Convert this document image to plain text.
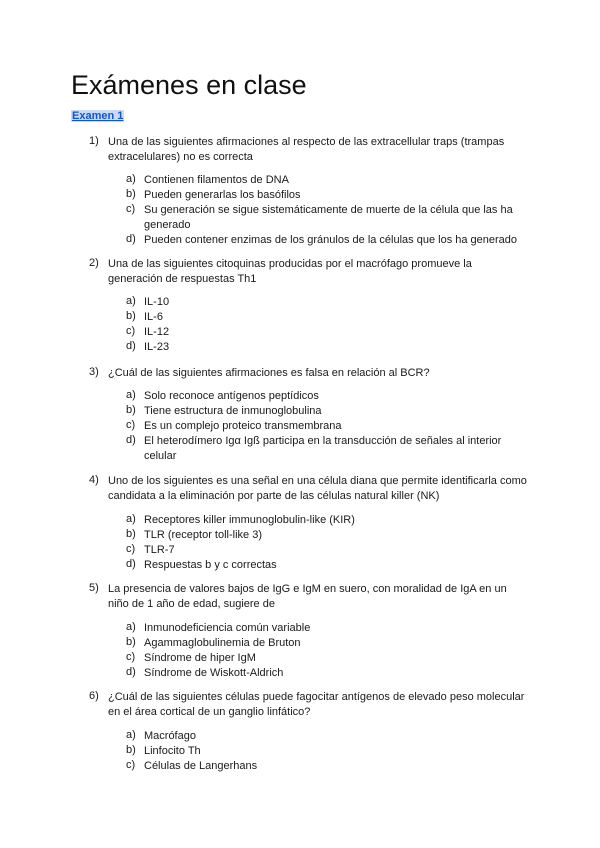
Exámenes en clase
Examen 1
1) Una de las siguientes afirmaciones al respecto de las extracellular traps (trampas extracelulares) no es correcta
a) Contienen filamentos de DNA
b) Pueden generarlas los basófilos
c) Su generación se sigue sistemáticamente de muerte de la célula que las ha generado
d) Pueden contener enzimas de los gránulos de la células que los ha generado
2) Una de las siguientes citoquinas producidas por el macrófago promueve la generación de respuestas Th1
a) IL-10
b) IL-6
c) IL-12
d) IL-23
3) ¿Cuál de las siguientes afirmaciones es falsa en relación al BCR?
a) Solo reconoce antígenos peptídicos
b) Tiene estructura de inmunoglobulina
c) Es un complejo proteico transmembrana
d) El heterodímero Igα Igß participa en la transducción de señales al interior celular
4) Uno de los siguientes es una señal en una célula diana que permite identificarla como candidata a la eliminación por parte de las células natural killer (NK)
a) Receptores killer immunoglobulin-like (KIR)
b) TLR (receptor toll-like 3)
c) TLR-7
d) Respuestas b y c correctas
5) La presencia de valores bajos de IgG e IgM en suero, con moralidad de IgA en un niño de 1 año de edad, sugiere de
a) Inmunodeficiencia común variable
b) Agammaglobulinemia de Bruton
c) Síndrome de hiper IgM
d) Síndrome de Wiskott-Aldrich
6) ¿Cuál de las siguientes células puede fagocitar antígenos de elevado peso molecular en el área cortical de un ganglio linfático?
a) Macrófago
b) Linfocito Th
c) Células de Langerhans
